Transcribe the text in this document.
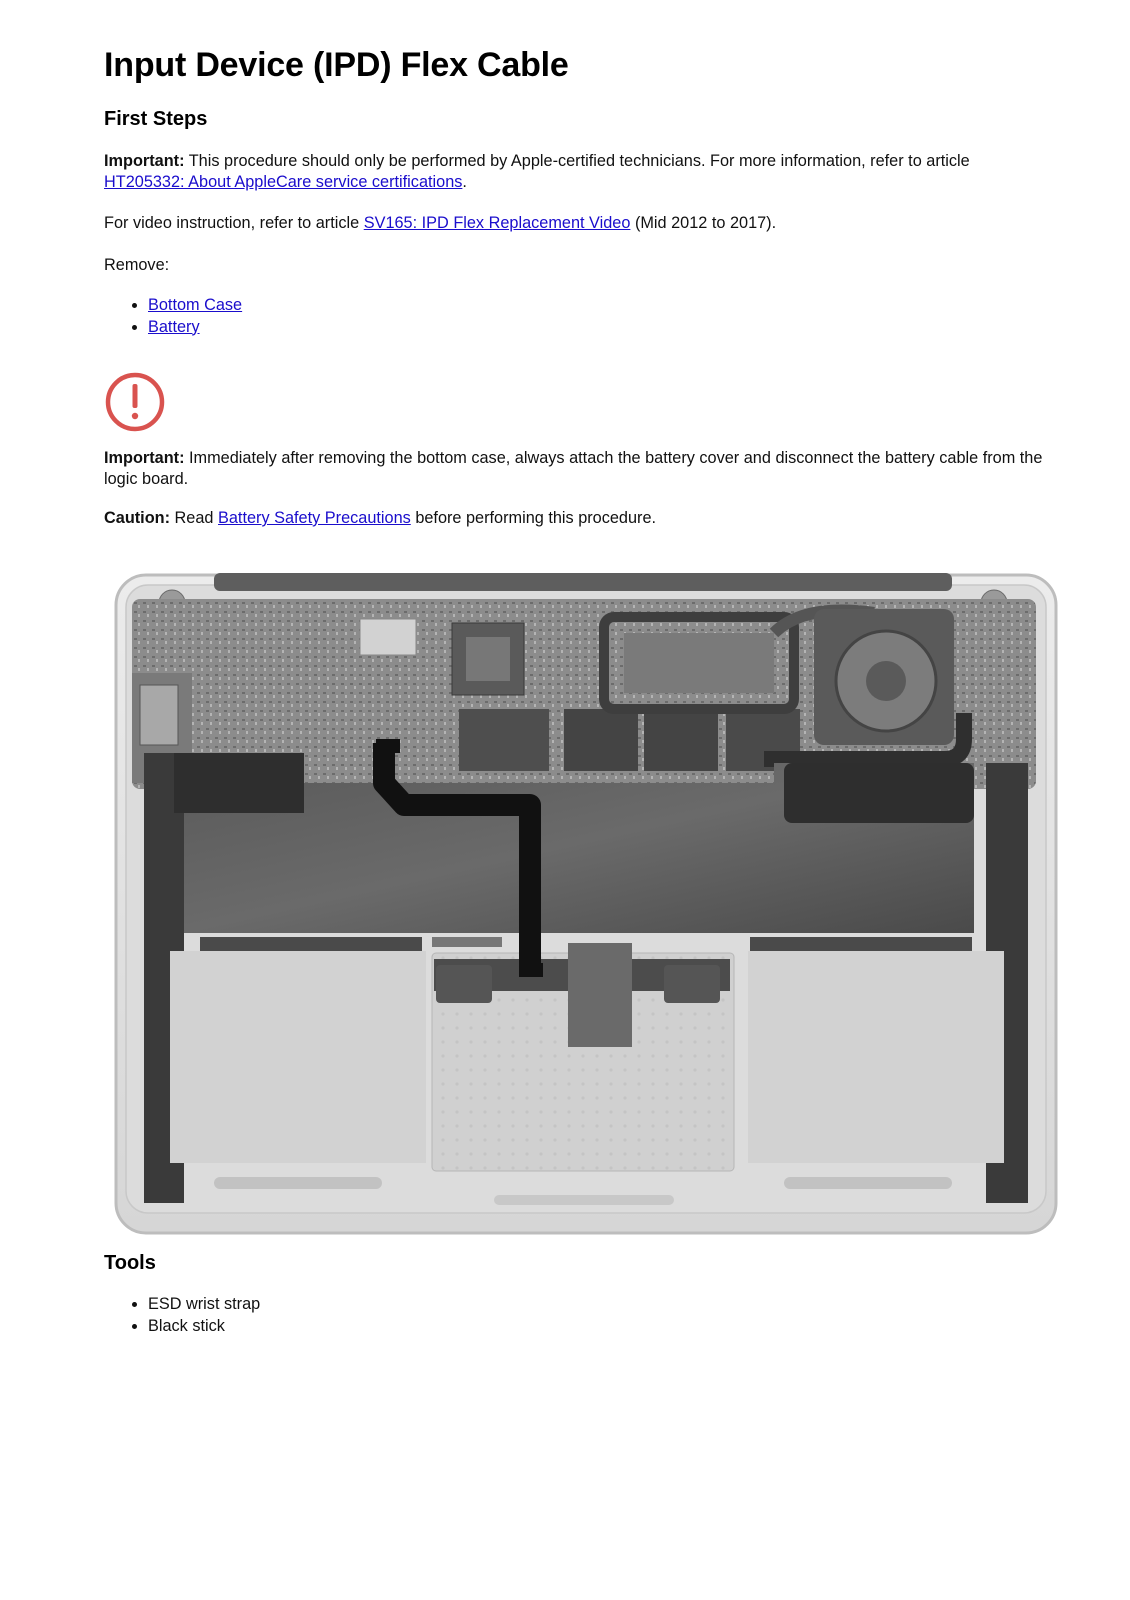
Input Device (IPD) Flex Cable
First Steps

Important: This procedure should only be performed by Apple-certified technicians. For more information, refer to article
HT205332: About AppleCare service certifications.

For video instruction, refer to article SV165: IPD Flex Replacement Video (Mid 2012 to 2017).

Remove:

• Bottom Case
• Battery

Important: Immediately after removing the bottom case, always attach the battery cover and disconnect the battery cable from the logic board.

Caution: Read Battery Safety Precautions before performing this procedure.

Tools
• ESD wrist strap
• Black stick
